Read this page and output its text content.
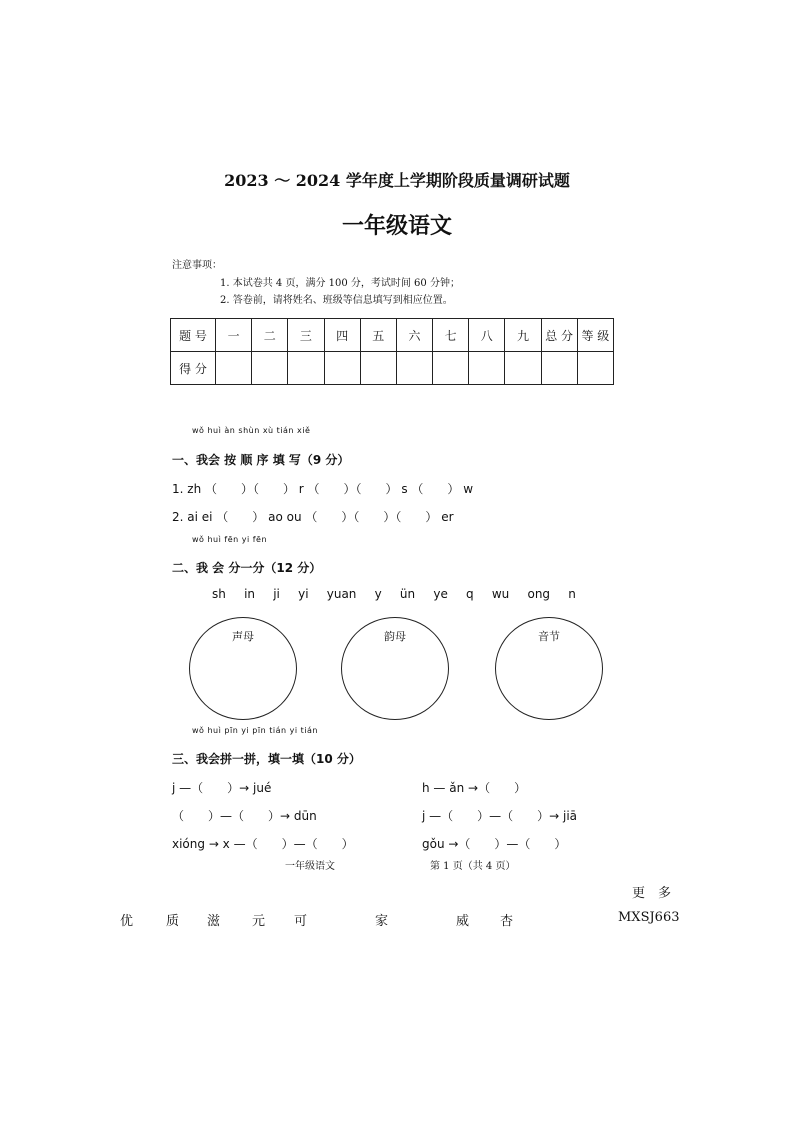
2023 ～ 2024 学年度上学期阶段质量调研试题
一年级语文
注意事项：
1. 本试卷共 4 页，满分 100 分，考试时间 60 分钟；
2. 答卷前，请将姓名、班级等信息填写到相应位置。
题 号	一	二	三	四	五	六	七	八	九	总 分	等 级
得 分											
wǒ huì àn shùn xù tián xiě
一、我会 按 顺 序 填 写（9 分）
1. zh （　　）（　　） r （　　）（　　） s （　　） w
2. ai ei （　　） ao ou （　　）（　　）（　　） er
wǒ huì fēn yi fēn
二、我 会 分一分（12 分）
sh in ji yi yuan y ün ye q wu ong n
声母	韵母	音节
wǒ huì pīn yi pīn tián yi tián
三、我会拼一拼，填一填（10 分）
j —（　　）→ jué
（　　）—（　　）→ dūn
xióng → x —（　　）—（　　）
h — ǎn →（　　）
j —（　　）—（　　）→ jiā
gǒu →（　　）—（　　）
一年级语文	第 1 页（共 4 页）
更　多
优	质 滋 元 可	家	威 杏	MXSJ663
